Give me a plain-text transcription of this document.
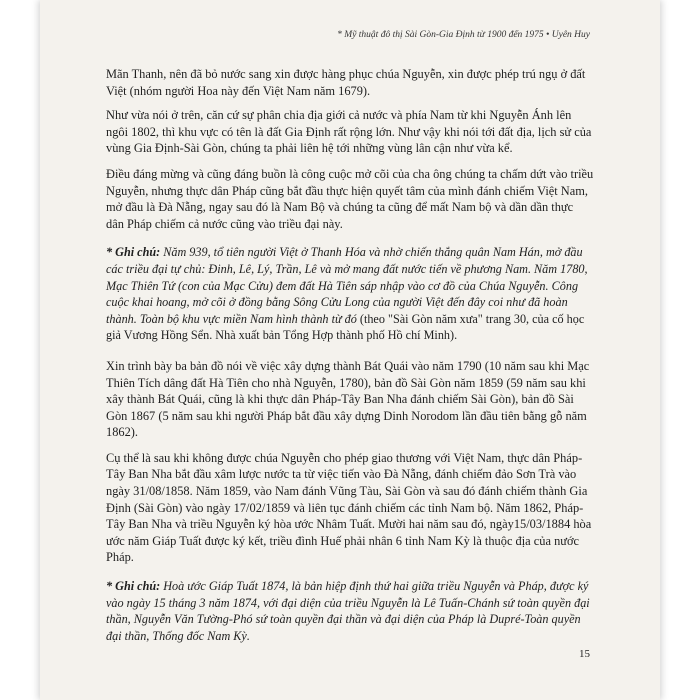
* Mỹ thuật đô thị Sài Gòn-Gia Định từ 1900 đến 1975 • Uyên Huy

Mãn Thanh, nên đã bỏ nước sang xin được hàng phục chúa Nguyễn, xin được phép trú ngụ ở đất Việt (nhóm người Hoa này đến Việt Nam năm 1679).

Như vừa nói ở trên, căn cứ sự phân chia địa giới cả nước và phía Nam từ khi Nguyễn Ánh lên ngôi 1802, thì khu vực có tên là đất Gia Định rất rộng lớn. Như vậy khi nói tới đất địa, lịch sử của vùng Gia Định-Sài Gòn, chúng ta phải liên hệ tới những vùng lân cận như vừa kể.

Điều đáng mừng và cũng đáng buồn là công cuộc mở cõi của cha ông chúng ta chấm dứt vào triều Nguyễn, nhưng thực dân Pháp cũng bắt đầu thực hiện quyết tâm của mình đánh chiếm Việt Nam, mở đầu là Đà Nẵng, ngay sau đó là Nam Bộ và chúng ta cũng để mất Nam bộ và dần dần thực dân Pháp chiếm cả nước cũng vào triều đại này.

* Ghi chú: Năm 939, tổ tiên người Việt ở Thanh Hóa và nhờ chiến thắng quân Nam Hán, mở đầu các triều đại tự chủ: Đinh, Lê, Lý, Trần, Lê và mở mang đất nước tiến về phương Nam. Năm 1780, Mạc Thiên Tứ (con của Mạc Cửu) đem đất Hà Tiên sáp nhập vào cơ đồ của Chúa Nguyễn. Công cuộc khai hoang, mở cõi ở đồng bằng Sông Cửu Long của người Việt đến đây coi như đã hoàn thành. Toàn bộ khu vực miền Nam hình thành từ đó (theo "Sài Gòn năm xưa" trang 30, của cố học giả Vương Hồng Sển. Nhà xuất bản Tổng Hợp thành phố Hồ chí Minh).

Xin trình bày ba bản đồ nói về việc xây dựng thành Bát Quái vào năm 1790 (10 năm sau khi Mạc Thiên Tích dâng đất Hà Tiên cho nhà Nguyễn, 1780), bản đồ Sài Gòn năm 1859 (59 năm sau khi xây thành Bát Quái, cũng là khi thực dân Pháp-Tây Ban Nha đánh chiếm Sài Gòn), bản đồ Sài Gòn 1867 (5 năm sau khi người Pháp bắt đầu xây dựng Dinh Norodom lần đầu tiên bằng gỗ năm 1862).

Cụ thể là sau khi không được chúa Nguyễn cho phép giao thương với Việt Nam, thực dân Pháp-Tây Ban Nha bắt đầu xâm lược nước ta từ việc tiến vào Đà Nẵng, đánh chiếm đảo Sơn Trà vào ngày 31/08/1858. Năm 1859, vào Nam đánh Vũng Tàu, Sài Gòn và sau đó đánh chiếm thành Gia Định (Sài Gòn) vào ngày 17/02/1859 và liên tục đánh chiếm các tỉnh Nam bộ. Năm 1862, Pháp-Tây Ban Nha và triều Nguyễn ký hòa ước Nhâm Tuất. Mười hai năm sau đó, ngày15/03/1884 hòa ước năm Giáp Tuất được ký kết, triều đình Huế phải nhân 6 tỉnh Nam Kỳ là thuộc địa của nước Pháp.

* Ghi chú: Hoà ước Giáp Tuất 1874, là bản hiệp định thứ hai giữa triều Nguyễn và Pháp, được ký vào ngày 15 tháng 3 năm 1874, với đại diện của triều Nguyễn là Lê Tuấn-Chánh sứ toàn quyền đại thần, Nguyễn Văn Tường-Phó sứ toàn quyền đại thần và đại diện của Pháp là Dupré-Toàn quyền đại thần, Thống đốc Nam Kỳ.

15
